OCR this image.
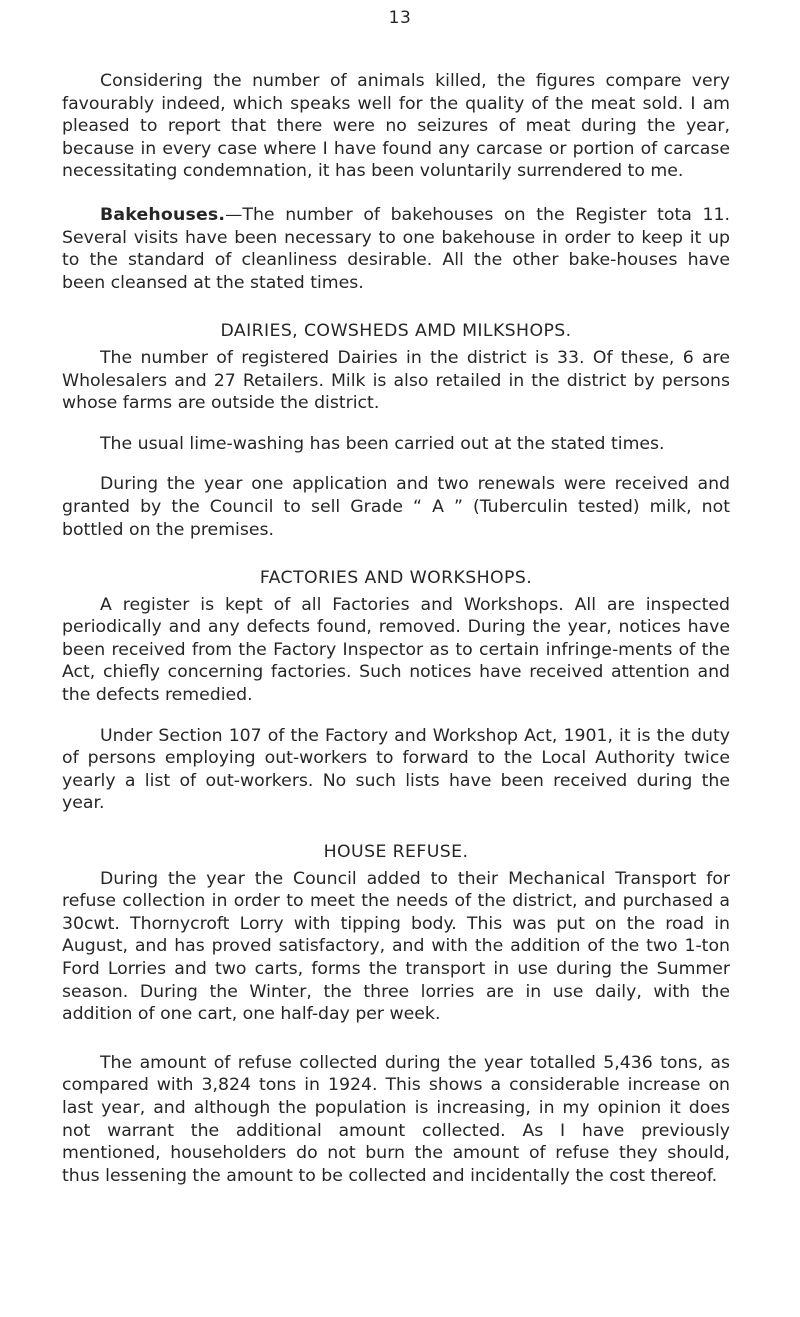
13

Considering the number of animals killed, the figures compare very favourably indeed, which speaks well for the quality of the meat sold. I am pleased to report that there were no seizures of meat during the year, because in every case where I have found any carcase or portion of carcase necessitating condemnation, it has been voluntarily surrendered to me.

Bakehouses.—The number of bakehouses on the Register tota 11. Several visits have been necessary to one bakehouse in order to keep it up to the standard of cleanliness desirable. All the other bake-houses have been cleansed at the stated times.

DAIRIES, COWSHEDS AMD MILKSHOPS.

The number of registered Dairies in the district is 33. Of these, 6 are Wholesalers and 27 Retailers. Milk is also retailed in the district by persons whose farms are outside the district.

The usual lime-washing has been carried out at the stated times.

During the year one application and two renewals were received and granted by the Council to sell Grade “ A ” (Tuberculin tested) milk, not bottled on the premises.

FACTORIES AND WORKSHOPS.

A register is kept of all Factories and Workshops. All are inspected periodically and any defects found, removed. During the year, notices have been received from the Factory Inspector as to certain infringe-ments of the Act, chiefly concerning factories. Such notices have received attention and the defects remedied.

Under Section 107 of the Factory and Workshop Act, 1901, it is the duty of persons employing out-workers to forward to the Local Authority twice yearly a list of out-workers. No such lists have been received during the year.

HOUSE REFUSE.

During the year the Council added to their Mechanical Transport for refuse collection in order to meet the needs of the district, and purchased a 30cwt. Thornycroft Lorry with tipping body. This was put on the road in August, and has proved satisfactory, and with the addition of the two 1-ton Ford Lorries and two carts, forms the transport in use during the Summer season. During the Winter, the three lorries are in use daily, with the addition of one cart, one half-day per week.

The amount of refuse collected during the year totalled 5,436 tons, as compared with 3,824 tons in 1924. This shows a considerable increase on last year, and although the population is increasing, in my opinion it does not warrant the additional amount collected. As I have previously mentioned, householders do not burn the amount of refuse they should, thus lessening the amount to be collected and incidentally the cost thereof.
